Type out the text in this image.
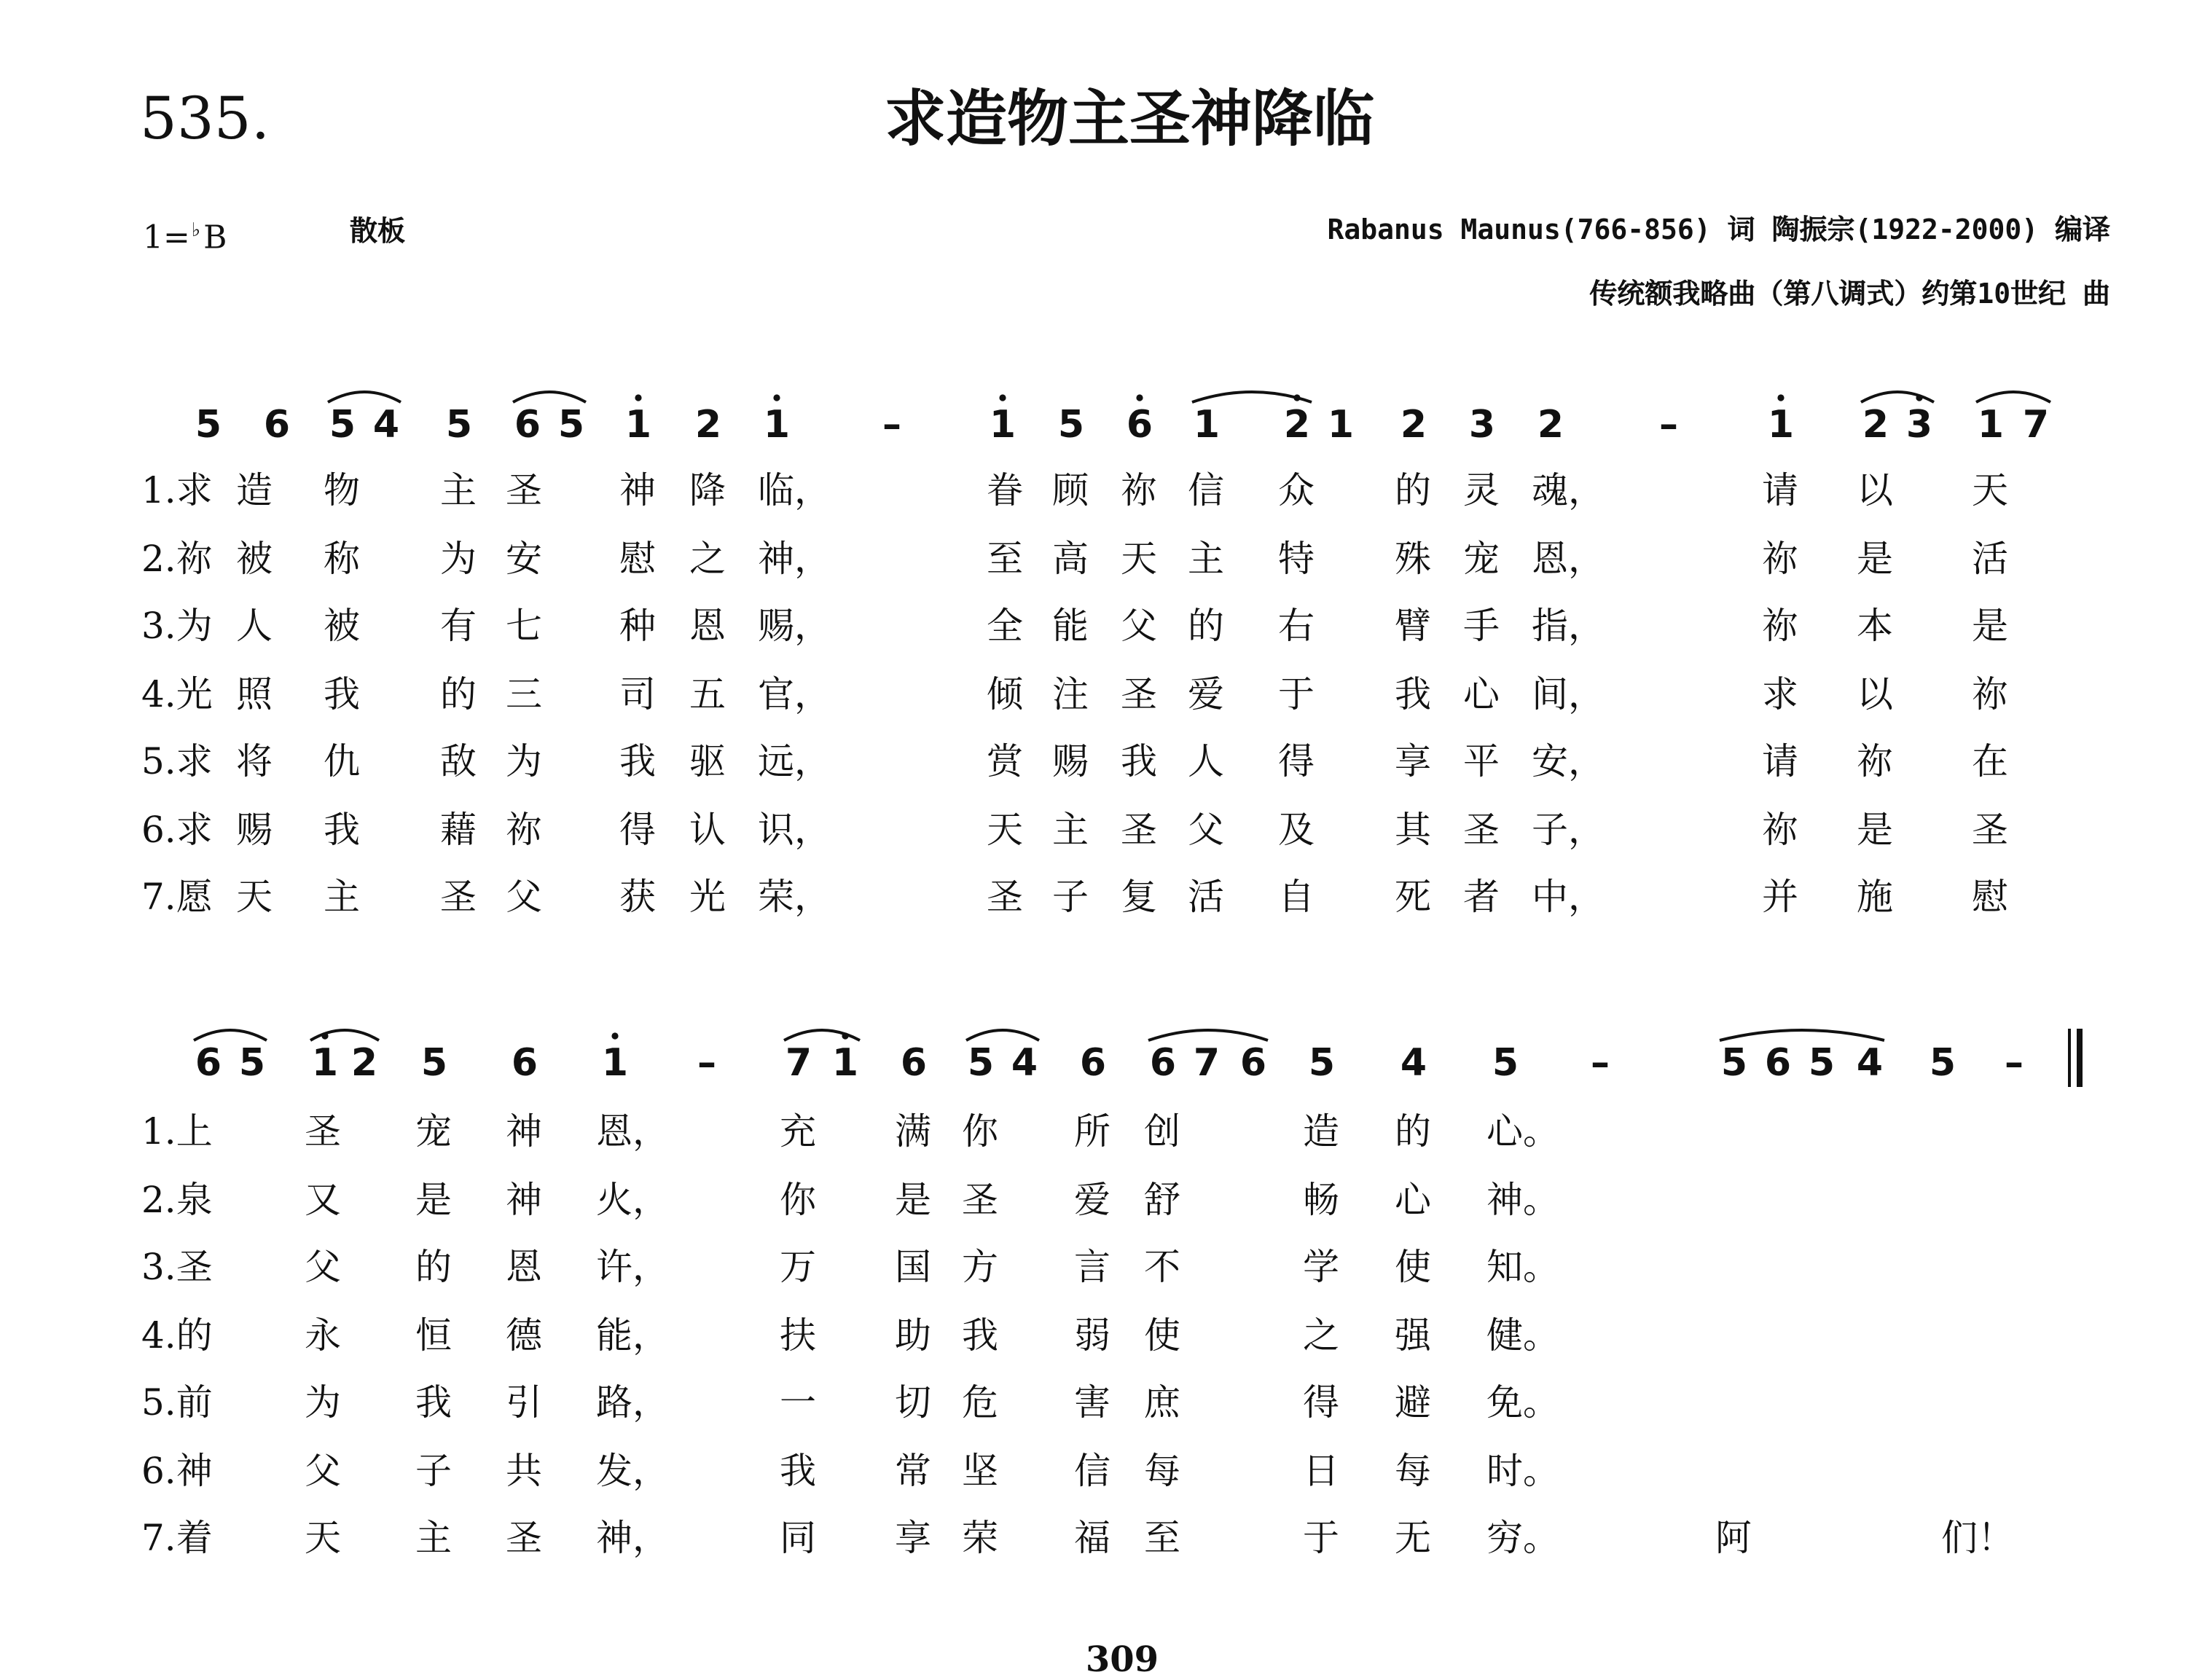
535.	求造物主圣神降临
1= ♭ B	散板	Rabanus Maunus(766-856) 词 陶振宗(1922-2000) 编译
传统额我略曲（第八调式）约第10世纪 曲
5 6 5 4 5 6 5 1 2 1	–	1 5 6 1	2 1 2 3 2	–	1	2 3 1 7
6 5 1 2 5	6	1	–	7 1 6 5 4 6 6 7 6 5	4	5	–	5 6 5 4 5	–
1.求 造	物	主 圣	神 降 临，	眷 顾 祢 信	众	的 灵 魂，	请	以	天
2.祢 被	称	为 安	慰 之 神，	至 高 天 主	特	殊 宠 恩，	祢	是	活
3.为 人	被	有 七	种 恩 赐，	全 能 父 的	右	臂 手 指，	祢	本	是
4.光 照	我	的 三	司 五 官，	倾 注 圣 爱	于	我 心 间，	求	以	祢
5.求 将	仇	敌 为	我 驱 远，	赏 赐 我 人	得	享 平 安，	请	祢	在
6.求 赐	我	藉 祢	得 认 识，	天 主 圣 父	及	其 圣 子，	祢	是	圣
7.愿 天	主	圣 父	获 光 荣，	圣 子 复 活	自	死 者 中，	并	施	慰
1.上	圣	宠	神	恩，	充	满 你	所 创	造	的	心。
2.泉	又	是	神	火，	你	是 圣	爱 舒	畅	心	神。
3.圣	父	的	恩	许，	万	国 方	言 不	学	使	知。
4.的	永	恒	德	能，	扶	助 我	弱 使	之	强	健。
5.前	为	我	引	路，	一	切 危	害 庶	得	避	免。
6.神	父	子	共	发，	我	常 坚	信 每	日	每	时。
7.着	天	主	圣	神，	同	享 荣	福 至	于	无	穷。	阿	们！
309
